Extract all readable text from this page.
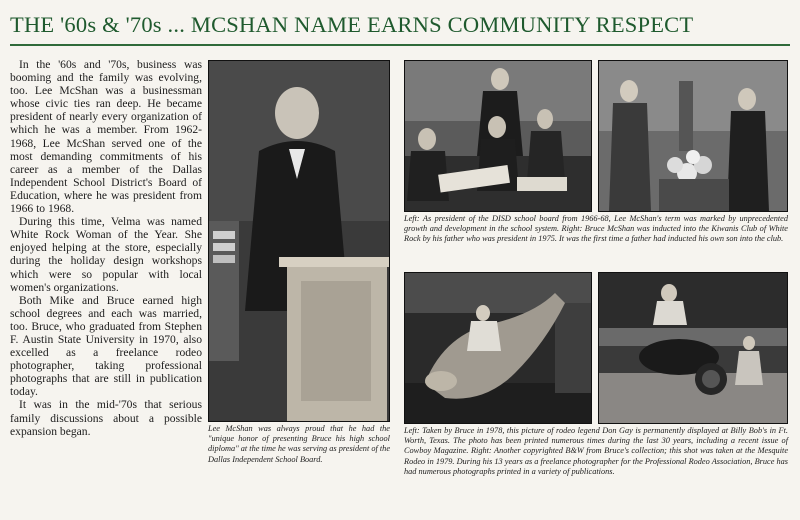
THE '60s & '70s ... MCSHAN NAME EARNS COMMUNITY RESPECT

In the '60s and '70s, business was booming and the family was evolving, too. Lee McShan was a businessman whose civic ties ran deep. He became president of nearly every organization of which he was a member. From 1962-1968, Lee McShan served one of the most demanding commitments of his career as a member of the Dallas Independent School District's Board of Education, where he was president from 1966 to 1968.

During this time, Velma was named White Rock Woman of the Year. She enjoyed helping at the store, especially during the holiday design workshops which were so popular with local women's organizations.

Both Mike and Bruce earned high school degrees and each was married, too. Bruce, who graduated from Stephen F. Austin State University in 1970, also excelled as a freelance rodeo photographer, taking professional photographs that are still in publication today.

It was in the mid-'70s that serious family discussions about a possible expansion began.	Lee McShan was always proud that he had the "unique honor of presenting Bruce his high school diploma" at the time he was serving as president of the Dallas Independent School Board.
Left: As president of the DISD school board from 1966-68, Lee McShan's term was marked by unprecedented growth and development in the school system. Right: Bruce McShan was inducted into the Kiwanis Club of White Rock by his father who was president in 1975. It was the first time a father had inducted his own son into the club.
Left: Taken by Bruce in 1978, this picture of rodeo legend Don Gay is permanently displayed at Billy Bob's in Ft. Worth, Texas. The photo has been printed numerous times during the last 30 years, including a recent issue of Cowboy Magazine. Right: Another copyrighted B&W from Bruce's collection; this shot was taken at the Mesquite Rodeo in 1979. During his 13 years as a freelance photographer for the Professional Rodeo Association, Bruce has had numerous photographs printed in a variety of publications.
